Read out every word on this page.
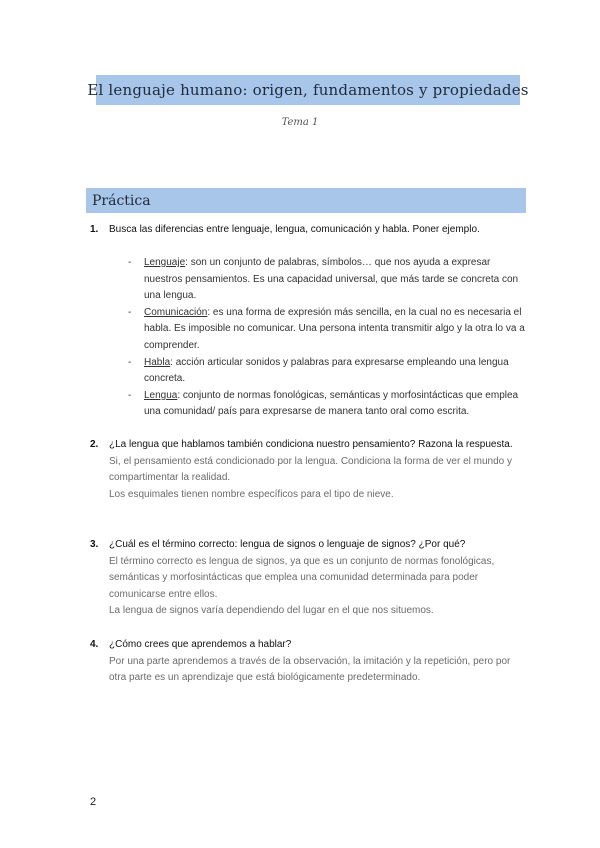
El lenguaje humano: origen, fundamentos y propiedades
Tema 1
Práctica
1. Busca las diferencias entre lenguaje, lengua, comunicación y habla. Poner ejemplo.
- Lenguaje: son un conjunto de palabras, símbolos… que nos ayuda a expresar nuestros pensamientos. Es una capacidad universal, que más tarde se concreta con una lengua.
- Comunicación: es una forma de expresión más sencilla, en la cual no es necesaria el habla. Es imposible no comunicar. Una persona intenta transmitir algo y la otra lo va a comprender.
- Habla: acción articular sonidos y palabras para expresarse empleando una lengua concreta.
- Lengua: conjunto de normas fonológicas, semánticas y morfosintácticas que emplea una comunidad/ país para expresarse de manera tanto oral como escrita.
2. ¿La lengua que hablamos también condiciona nuestro pensamiento? Razona la respuesta.
Si, el pensamiento está condicionado por la lengua. Condiciona la forma de ver el mundo y compartimentar la realidad.
Los esquimales tienen nombre específicos para el tipo de nieve.
3. ¿Cuál es el término correcto: lengua de signos o lenguaje de signos? ¿Por qué?
El término correcto es lengua de signos, ya que es un conjunto de normas fonológicas, semánticas y morfosintácticas que emplea una comunidad determinada para poder comunicarse entre ellos.
La lengua de signos varía dependiendo del lugar en el que nos situemos.
4. ¿Cómo crees que aprendemos a hablar?
Por una parte aprendemos a través de la observación, la imitación y la repetición, pero por otra parte es un aprendizaje que está biológicamente predeterminado.
2
